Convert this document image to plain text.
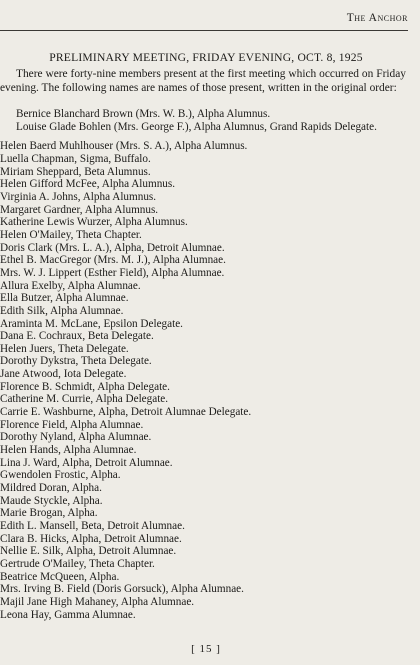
The Anchor
PRELIMINARY MEETING, FRIDAY EVENING, OCT. 8, 1925

There were forty-nine members present at the first meeting which occurred on Friday evening. The following names are names of those present, written in the original order:

Bernice Blanchard Brown (Mrs. W. B.), Alpha Alumnus.

Louise Glade Bohlen (Mrs. George F.), Alpha Alumnus, Grand Rapids Delegate.

Helen Baerd Muhlhouser (Mrs. S. A.), Alpha Alumnus.

Luella Chapman, Sigma, Buffalo.

Miriam Sheppard, Beta Alumnus.

Helen Gifford McFee, Alpha Alumnus.

Virginia A. Johns, Alpha Alumnus.

Margaret Gardner, Alpha Alumnus.

Katherine Lewis Wurzer, Alpha Alumnus.

Helen O'Mailey, Theta Chapter.

Doris Clark (Mrs. L. A.), Alpha, Detroit Alumnae.

Ethel B. MacGregor (Mrs. M. J.), Alpha Alumnae.

Mrs. W. J. Lippert (Esther Field), Alpha Alumnae.

Allura Exelby, Alpha Alumnae.

Ella Butzer, Alpha Alumnae.

Edith Silk, Alpha Alumnae.

Araminta M. McLane, Epsilon Delegate.

Dana E. Cochraux, Beta Delegate.

Helen Juers, Theta Delegate.

Dorothy Dykstra, Theta Delegate.

Jane Atwood, Iota Delegate.

Florence B. Schmidt, Alpha Delegate.

Catherine M. Currie, Alpha Delegate.

Carrie E. Washburne, Alpha, Detroit Alumnae Delegate.

Florence Field, Alpha Alumnae.

Dorothy Nyland, Alpha Alumnae.

Helen Hands, Alpha Alumnae.

Lina J. Ward, Alpha, Detroit Alumnae.

Gwendolen Frostic, Alpha.

Mildred Doran, Alpha.

Maude Styckle, Alpha.

Marie Brogan, Alpha.

Edith L. Mansell, Beta, Detroit Alumnae.

Clara B. Hicks, Alpha, Detroit Alumnae.

Nellie E. Silk, Alpha, Detroit Alumnae.

Gertrude O'Mailey, Theta Chapter.

Beatrice McQueen, Alpha.

Mrs. Irving B. Field (Doris Gorsuck), Alpha Alumnae.

Majil Jane High Mahaney, Alpha Alumnae.

Leona Hay, Gamma Alumnae.

[ 15 ]
